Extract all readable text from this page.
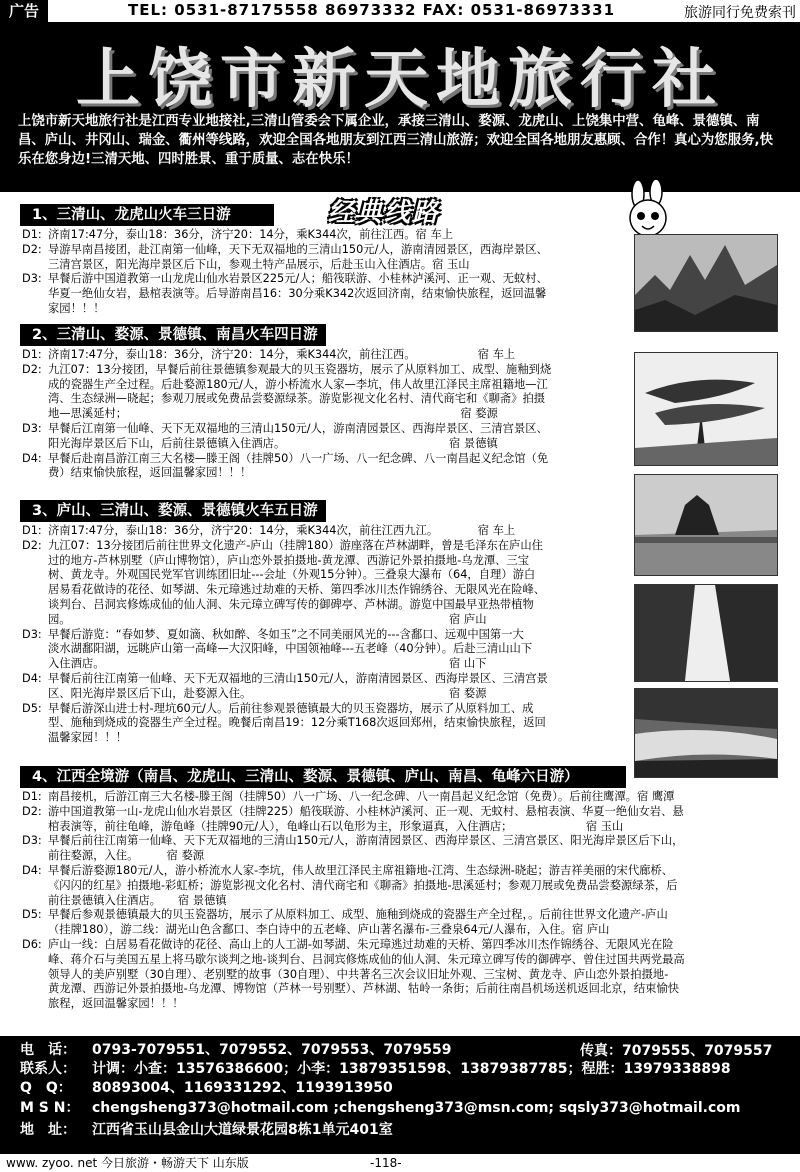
广告	TEL: 0531-87175558 86973332 FAX: 0531-86973331	旅游同行免费索刊
上饶市新天地旅行社
上饶市新天地旅行社是江西专业地接社,三清山管委会下属企业，承接三清山、婺源、龙虎山、上饶集中营、龟峰、景德镇、南昌、庐山、井冈山、瑞金、衢州等线路，欢迎全国各地朋友到江西三清山旅游；欢迎全国各地朋友惠顾、合作！真心为您服务,快乐在您身边!三清天地、四时胜景、重于质量、志在快乐！
经典线路
1、三清山、龙虎山火车三日游
D1: 济南17:47分，泰山18：36分，济宁20：14分，乘K344次，前往江西。宿 车上
D2: 导游早南昌接团，赴江南第一仙峰，天下无双福地的三清山150元/人，游南清园景区，西海岸景区、
三清宫景区，阳光海岸景区后下山，参观土特产品展示，后赴玉山入住酒店。宿 玉山
D3: 早餐后游中国道教第一山龙虎山仙水岩景区225元/人；船筏联游、小桂林泸溪河、正一观、无蚊村、
华夏一绝仙女岩，悬棺表演等。后导游南昌16：30分乘K342次返回济南，结束愉快旅程，返回温馨
家园！！！
2、三清山、婺源、景德镇、南昌火车四日游
D1: 济南17:47分，泰山18：36分，济宁20：14分，乘K344次，前往江西。　　　　　　宿 车上
D2: 九江07：13分接团，早餐后前往景德镇参观最大的贝玉瓷器坊，展示了从原料加工、成型、施釉到烧
成的瓷器生产全过程。后赴婺源180元/人，游小桥流水人家—李坑，伟人故里江泽民主席祖籍地—江
湾、生态绿洲—晓起；参观刀展或免费品尝婺源绿茶。游览影视文化名村、清代商宅和《聊斋》拍摄
地—思溪延村；　　　　　　　　　　　　　　　　　　　　　　　　　　　　　　宿 婺源
D3: 早餐后江南第一仙峰、天下无双福地的三清山150元/人，游南清园景区、西海岸景区、三清宫景区、
阳光海岸景区后下山，后前往景德镇入住酒店。　　　　　　　　　　　　　　　宿 景德镇
D4: 早餐后赴南昌游江南三大名楼—滕王阁（挂牌50）八一广场、八一纪念碑、八一南昌起义纪念馆（免
费）结束愉快旅程，返回温馨家园！！！
3、庐山、三清山、婺源、景德镇火车五日游
D1: 济南17:47分，泰山18：36分，济宁20：14分，乘K344次，前往江西九江。　　　　宿 车上
D2: 九江07：13分接团后前往世界文化遗产-庐山（挂牌180）游座落在芦林湖畔，曾是毛泽东在庐山住
过的地方-芦林别墅（庐山博物馆），庐山恋外景拍摄地-黄龙潭、西游记外景拍摄地-乌龙潭、三宝
树、黄龙寺。外观国民党军官训练团旧址---会址（外观15分钟）。三叠泉大瀑布（64，自理）游白
居易看花做诗的花径、如琴湖、朱元璋逃过劫难的天桥、第四季冰川杰作锦绣谷、无限风光在险峰、
谈判台、吕洞宾修炼成仙的仙人洞、朱元璋立碑写传的御碑亭、芦林湖。游览中国最早亚热带植物
园。　　　　　　　　　　　　　　　　　　　　　　　　　　　　　　　　　　宿 庐山
D3: 早餐后游览：“春如梦、夏如滴、秋如醉、冬如玉”之不同美丽风光的---含鄱口、远观中国第一大
淡水湖鄱阳湖，远眺庐山第一高峰—大汉阳峰，中国领袖峰---五老峰（40分钟）。后赴三清山山下
入住酒店。　　　　　　　　　　　　　　　　　　　　　　　　　　　　　　　宿 山下
D4: 早餐后前往江南第一仙峰、天下无双福地的三清山150元/人，游南清园景区、西海岸景区、三清宫景
区、阳光海岸景区后下山，赴婺源入住。　　　　　　　　　　　　　　　　　　宿 婺源
D5: 早餐后游深山进士村-理坑60元/人。后前往参观景德镇最大的贝玉瓷器坊，展示了从原料加工、成
型、施釉到烧成的瓷器生产全过程。晚餐后南昌19：12分乘T168次返回郑州，结束愉快旅程，返回
温馨家园！！！
4、江西全境游（南昌、龙虎山、三清山、婺源、景德镇、庐山、南昌、龟峰六日游）
D1: 南昌接机，后游江南三大名楼-滕王阁（挂牌50）八一广场、八一纪念碑、八一南昌起义纪念馆（免费）。后前往鹰潭。宿 鹰潭
D2: 游中国道教第一山-龙虎山仙水岩景区（挂牌225）船筏联游、小桂林泸溪河、正一观、无蚊村、悬棺表演、华夏一绝仙女岩、悬
棺表演等，前往龟峰，游龟峰（挂牌90元/人），龟峰山石以龟形为主，形象逼真，入住酒店；　　　　　　　宿 玉山
D3: 早餐后前往江南第一仙峰、天下无双福地的三清山150元/人，游南清园景区、西海岸景区、三清宫景区、阳光海岸景区后下山，
前往婺源，入住。　　　宿 婺源
D4: 早餐后游婺源180元/人，游小桥流水人家-李坑，伟人故里江泽民主席祖籍地-江湾、生态绿洲-晓起；游吉祥美丽的宋代廊桥、
《闪闪的红星》拍摄地-彩虹桥；游览影视文化名村、清代商宅和《聊斋》拍摄地-思溪延村；参观刀展或免费品尝婺源绿茶，后
前往景德镇入住酒店。　　宿 景德镇
D5: 早餐后参观景德镇最大的贝玉瓷器坊，展示了从原料加工、成型、施釉到烧成的瓷器生产全过程，。后前往世界文化遗产-庐山
（挂牌180），游二线：湖光山色含鄱口、李白诗中的五老峰、庐山著名瀑布-三叠泉64元/人瀑布，入住。宿 庐山
D6: 庐山一线：白居易看花做诗的花径、高山上的人工湖-如琴湖、朱元璋逃过劫难的天桥、第四季冰川杰作锦绣谷、无限风光在险
峰、蒋介石与美国五星上将马歇尔谈判之地-谈判台、吕洞宾修炼成仙的仙人洞、朱元璋立碑写传的御碑亭、曾住过国共两党最高
领导人的美庐别墅（30自理）、老别墅的故事（30自理）、中共著名三次会议旧址外观、三宝树、黄龙寺、庐山恋外景拍摄地-
黄龙潭、西游记外景拍摄地-乌龙潭、博物馆（芦林一号别墅）、芦林湖、牯岭一条街；后前往南昌机场送机返回北京，结束愉快
旅程，返回温馨家园！！！
电　话：	0793-7079551、7079552、7079553、7079559	传真：7079555、7079557
联系人：	计调：小查：13576386600；小李：13879351598、13879387785；程胜：13979338898
Q　Q：	80893004、1169331292、1193913950
M S N： chengsheng373@hotmail.com ;chengsheng373@msn.com; sqsly373@hotmail.com
地　址：	江西省玉山县金山大道绿景花园8栋1单元401室
www. zyoo. net 今日旅游・畅游天下 山东版	-118-
